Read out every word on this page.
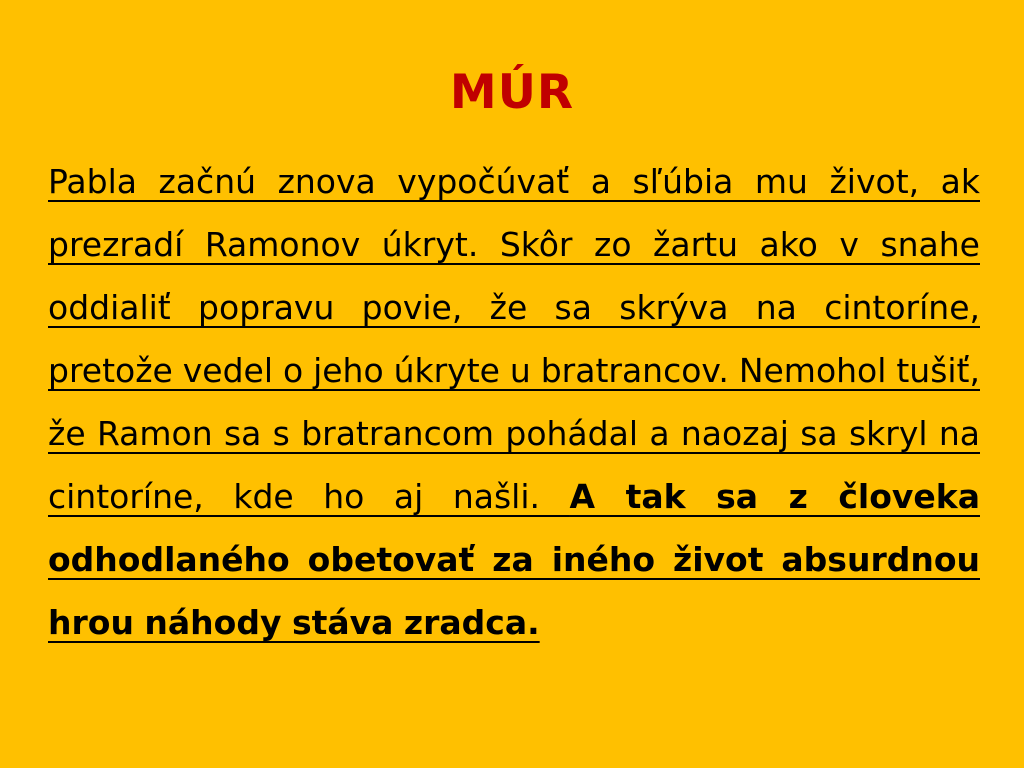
MÚR
Pabla začnú znova vypočúvať a sľúbia mu život, ak prezradí Ramonov úkryt. Skôr zo žartu ako v snahe oddialiť popravu povie, že sa skrýva na cintoríne, pretože vedel o jeho úkryte u bratrancov. Nemohol tušiť, že Ramon sa s bratrancom pohádal a naozaj sa skryl na cintoríne, kde ho aj našli. A tak sa z človeka odhodlaného obetovať za iného život absurdnou hrou náhody stáva zradca.
